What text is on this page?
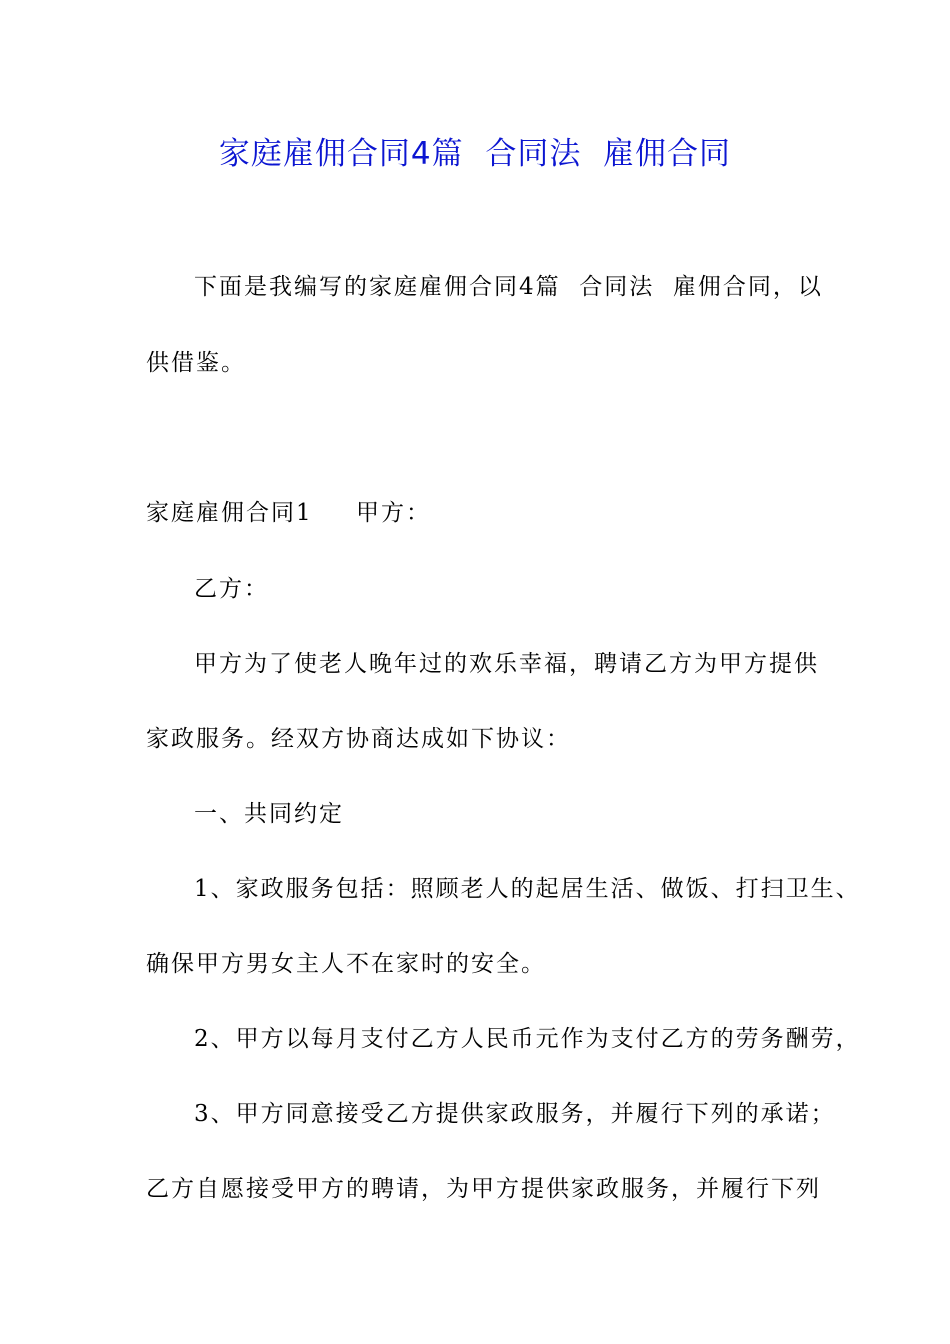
家庭雇佣合同4篇  合同法  雇佣合同
下面是我编写的家庭雇佣合同4篇  合同法  雇佣合同，以
供借鉴。
家庭雇佣合同1 甲方：
乙方：
甲方为了使老人晚年过的欢乐幸福，聘请乙方为甲方提供
家政服务。经双方协商达成如下协议：
一、共同约定
1、家政服务包括：照顾老人的起居生活、做饭、打扫卫生、
确保甲方男女主人不在家时的安全。
2、甲方以每月支付乙方人民币元作为支付乙方的劳务酬劳，
3、甲方同意接受乙方提供家政服务，并履行下列的承诺；
乙方自愿接受甲方的聘请，为甲方提供家政服务，并履行下列
